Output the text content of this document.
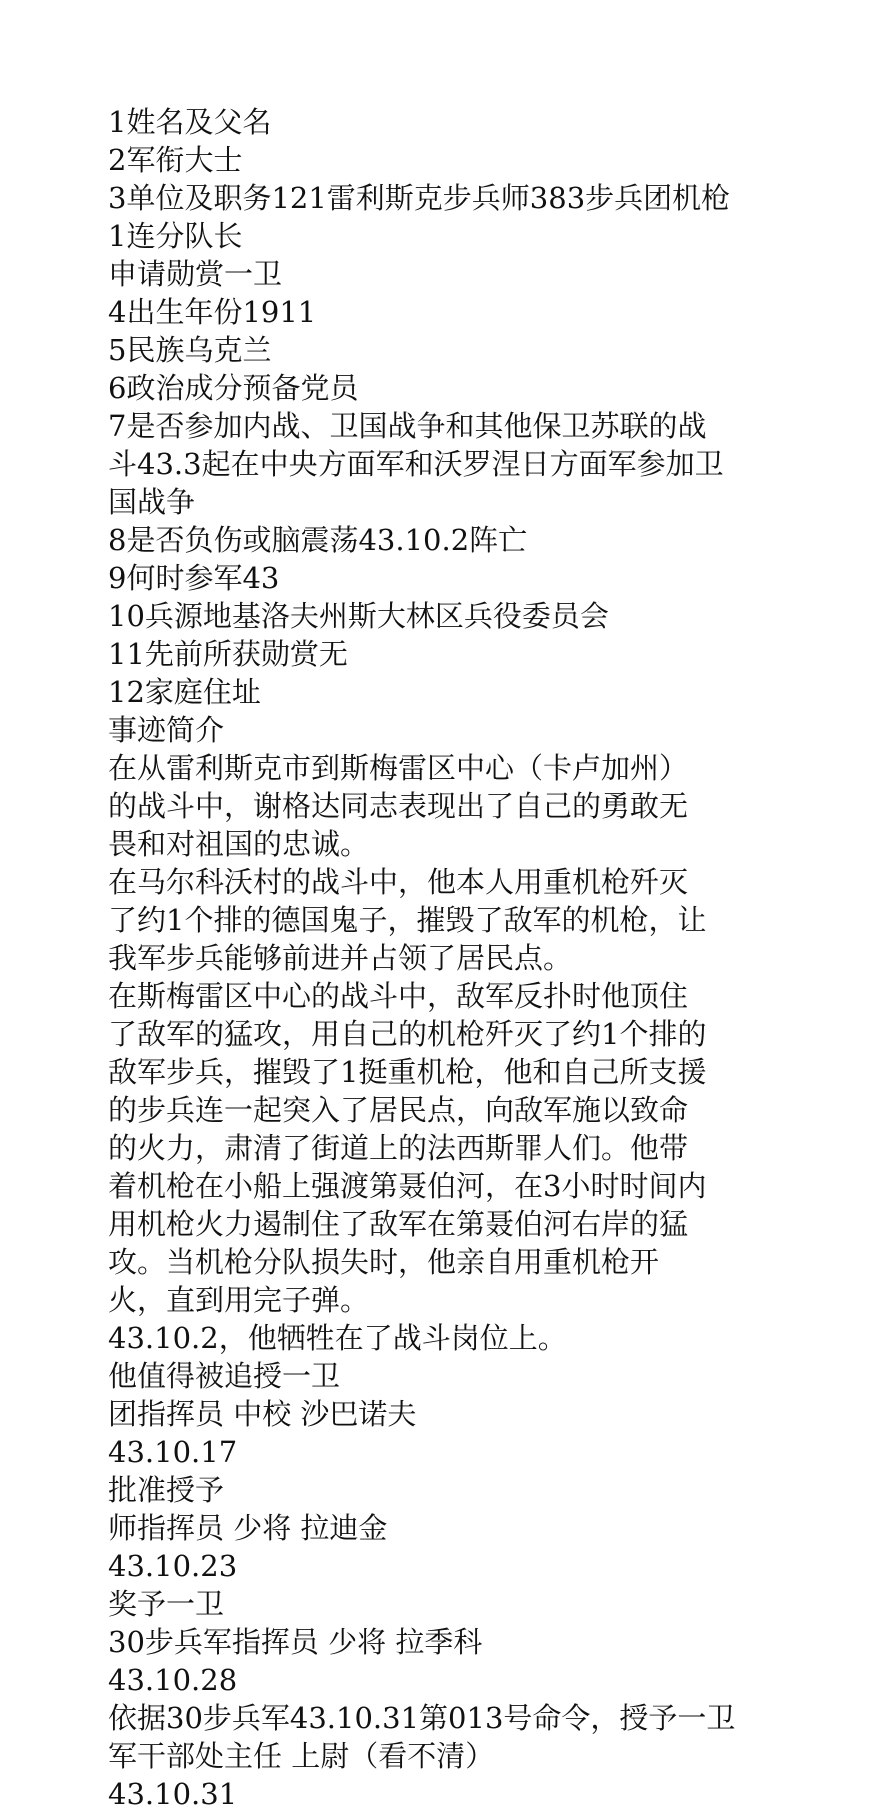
1姓名及父名
2军衔大士
3单位及职务121雷利斯克步兵师383步兵团机枪
1连分队长
申请勋赏一卫
4出生年份1911
5民族乌克兰
6政治成分预备党员
7是否参加内战、卫国战争和其他保卫苏联的战
斗43.3起在中央方面军和沃罗涅日方面军参加卫
国战争
8是否负伤或脑震荡43.10.2阵亡
9何时参军43
10兵源地基洛夫州斯大林区兵役委员会
11先前所获勋赏无
12家庭住址
事迹简介
在从雷利斯克市到斯梅雷区中心（卡卢加州）
的战斗中，谢格达同志表现出了自己的勇敢无
畏和对祖国的忠诚。
在马尔科沃村的战斗中，他本人用重机枪歼灭
了约1个排的德国鬼子，摧毁了敌军的机枪，让
我军步兵能够前进并占领了居民点。
在斯梅雷区中心的战斗中，敌军反扑时他顶住
了敌军的猛攻，用自己的机枪歼灭了约1个排的
敌军步兵，摧毁了1挺重机枪，他和自己所支援
的步兵连一起突入了居民点，向敌军施以致命
的火力，肃清了街道上的法西斯罪人们。他带
着机枪在小船上强渡第聂伯河，在3小时时间内
用机枪火力遏制住了敌军在第聂伯河右岸的猛
攻。当机枪分队损失时，他亲自用重机枪开
火，直到用完子弹。
43.10.2，他牺牲在了战斗岗位上。
他值得被追授一卫
团指挥员 中校 沙巴诺夫
43.10.17
批准授予
师指挥员 少将 拉迪金
43.10.23
奖予一卫
30步兵军指挥员 少将 拉季科
43.10.28
依据30步兵军43.10.31第013号命令，授予一卫
军干部处主任 上尉（看不清）
43.10.31
